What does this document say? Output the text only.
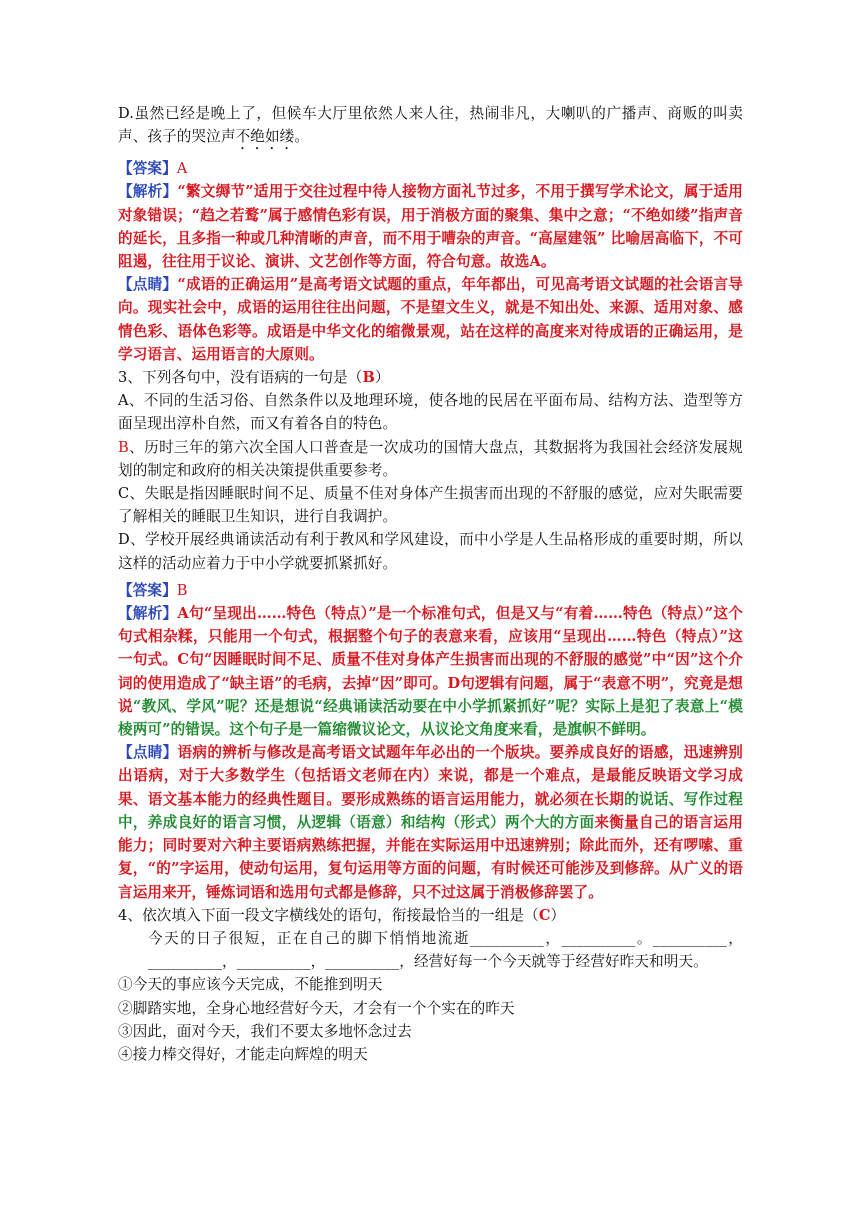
D.虽然已经是晚上了，但候车大厅里依然人来人往，热闹非凡，大喇叭的广播声、商贩的叫卖声、孩子的哭泣声不绝如缕。

【答案】A

【解析】“繁文缛节”适用于交往过程中待人接物方面礼节过多，不用于撰写学术论文，属于适用对象错误；“趋之若鹜”属于感情色彩有误，用于消极方面的聚集、集中之意；“不绝如缕”指声音的延长，且多指一种或几种清晰的声音，而不用于嘈杂的声音。“高屋建瓴” 比喻居高临下，不可阻遏，往往用于议论、演讲、文艺创作等方面，符合句意。故选A。

【点睛】“成语的正确运用”是高考语文试题的重点，年年都出，可见高考语文试题的社会语言导向。现实社会中，成语的运用往往出问题，不是望文生义，就是不知出处、来源、适用对象、感情色彩、语体色彩等。成语是中华文化的缩微景观，站在这样的高度来对待成语的正确运用，是学习语言、运用语言的大原则。

3、下列各句中，没有语病的一句是（B）

A、不同的生活习俗、自然条件以及地理环境，使各地的民居在平面布局、结构方法、造型等方面呈现出淳朴自然，而又有着各自的特色。

B、历时三年的第六次全国人口普查是一次成功的国情大盘点，其数据将为我国社会经济发展规划的制定和政府的相关决策提供重要参考。

C、失眠是指因睡眠时间不足、质量不佳对身体产生损害而出现的不舒服的感觉，应对失眠需要了解相关的睡眠卫生知识，进行自我调护。

D、学校开展经典诵读活动有利于教风和学风建设，而中小学是人生品格形成的重要时期，所以这样的活动应着力于中小学就要抓紧抓好。

【答案】B

【解析】A句“呈现出……特色（特点）”是一个标准句式，但是又与“有着……特色（特点）”这个句式相杂糅，只能用一个句式，根据整个句子的表意来看，应该用“呈现出……特色（特点）”这一句式。C句“因睡眠时间不足、质量不佳对身体产生损害而出现的不舒服的感觉”中“因”这个介词的使用造成了“缺主语”的毛病，去掉“因”即可。D句逻辑有问题，属于“表意不明”，究竟是想说“教风、学风”呢？还是想说“经典诵读活动要在中小学抓紧抓好”呢？实际上是犯了表意上“模棱两可”的错误。这个句子是一篇缩微议论文，从议论文角度来看，是旗帜不鲜明。

【点睛】语病的辨析与修改是高考语文试题年年必出的一个版块。要养成良好的语感，迅速辨别出语病，对于大多数学生（包括语文老师在内）来说，都是一个难点，是最能反映语文学习成果、语文基本能力的经典性题目。要形成熟练的语言运用能力，就必须在长期的说话、写作过程中，养成良好的语言习惯，从逻辑（语意）和结构（形式）两个大的方面来衡量自己的语言运用能力；同时要对六种主要语病熟练把握，并能在实际运用中迅速辨别；除此而外，还有啰嗦、重复，“的”字运用，使动句运用，复句运用等方面的问题，有时候还可能涉及到修辞。从广义的语言运用来开，锤炼词语和选用句式都是修辞，只不过这属于消极修辞罢了。

4、依次填入下面一段文字横线处的语句，衔接最恰当的一组是（C）

今天的日子很短，正在自己的脚下悄悄地流逝__________，__________。__________，__________，__________，__________，经营好每一个今天就等于经营好昨天和明天。

①今天的事应该今天完成，不能推到明天

②脚踏实地，全身心地经营好今天，才会有一个个实在的昨天

③因此，面对今天，我们不要太多地怀念过去

④接力棒交得好，才能走向辉煌的明天
